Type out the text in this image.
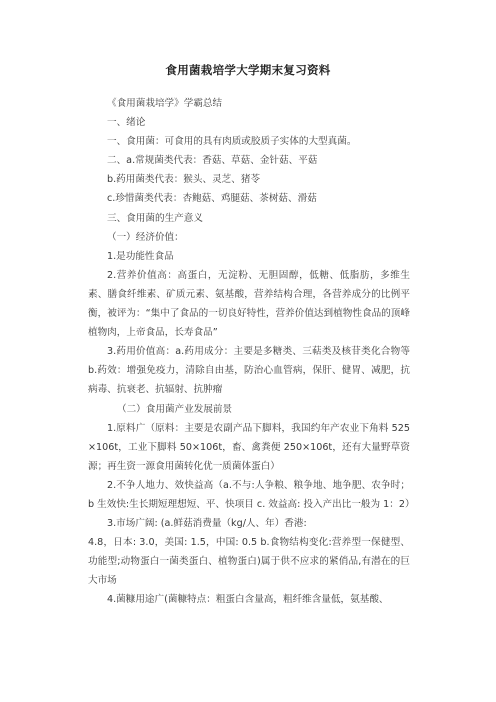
食用菌栽培学大学期末复习资料

《食用菌栽培学》学霸总结

一、绪论

一、食用菌：可食用的具有肉质或胶质子实体的大型真菌。

二、a.常规菌类代表：香菇、草菇、金针菇、平菇

b.药用菌类代表：猴头、灵芝、猪苓

c.珍惜菌类代表：杏鲍菇、鸡腿菇、茶树菇、滑菇

三、食用菌的生产意义

（一）经济价值：

1.是功能性食品

2.营养价值高：高蛋白，无淀粉、无胆固醇，低糖、低脂肪，多维生素、膳食纤维素、矿质元素、氨基酸，营养结构合理，各营养成分的比例平衡，被评为：“集中了食品的一切良好特性，营养价值达到植物性食品的顶峰植物肉，上帝食品，长寿食品”

3.药用价值高：a.药用成分：主要是多糖类、三萜类及核苷类化合物等 b.药效：增强免疫力，清除自由基，防治心血管病，保肝、健胃、减肥，抗病毒、抗衰老、抗辐射、抗肿瘤

（二）食用菌产业发展前景

1.原料广（原料：主要是农副产品下脚料，我国约年产农业下角料 525×106t，工业下脚料 50×106t，畜、禽粪便 250×106t，还有大量野草资源；再生资一源食用菌转化优一质菌体蛋白）

2.不争人地力、效快益高（a.不与:人争粮、粮争地、地争肥、农争时；b 生效快:生长期短理想短、平、快项目 c. 效益高: 投入产出比一般为 1：2）

3.市场广阔: (a.鲜菇消费量（kg/人、年）香港:

4.8，日本: 3.0，美国: 1.5，中国: 0.5 b.食物结构变化:营养型一保健型、功能型;动物蛋白一菌类蛋白、植物蛋白)属于供不应求的紧俏品,有潜在的巨大市场

4.菌糠用途广(菌糠特点：粗蛋白含量高，粗纤维含量低，氨基酸、
